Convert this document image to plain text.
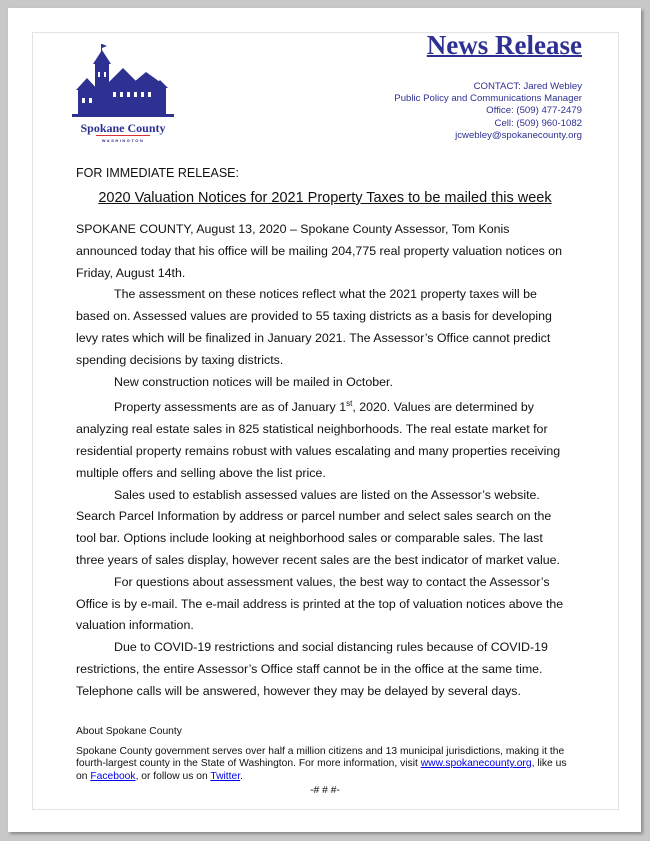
Spokane County
WASHINGTON
News Release
CONTACT: Jared Webley
Public Policy and Communications Manager
Office: (509) 477-2479
Cell: (509) 960-1082
jcwebley@spokanecounty.org
FOR IMMEDIATE RELEASE:
2020 Valuation Notices for 2021 Property Taxes to be mailed this week

SPOKANE COUNTY, August 13, 2020 – Spokane County Assessor, Tom Konis announced today that his office will be mailing 204,775 real property valuation notices on Friday, August 14th.

The assessment on these notices reflect what the 2021 property taxes will be based on. Assessed values are provided to 55 taxing districts as a basis for developing levy rates which will be finalized in January 2021. The Assessor’s Office cannot predict spending decisions by taxing districts.

New construction notices will be mailed in October.

Property assessments are as of January 1st, 2020. Values are determined by analyzing real estate sales in 825 statistical neighborhoods. The real estate market for residential property remains robust with values escalating and many properties receiving multiple offers and selling above the list price.

Sales used to establish assessed values are listed on the Assessor’s website. Search Parcel Information by address or parcel number and select sales search on the tool bar. Options include looking at neighborhood sales or comparable sales. The last three years of sales display, however recent sales are the best indicator of market value.

For questions about assessment values, the best way to contact the Assessor’s Office is by e-mail. The e-mail address is printed at the top of valuation notices above the valuation information.

Due to COVID-19 restrictions and social distancing rules because of COVID-19 restrictions, the entire Assessor’s Office staff cannot be in the office at the same time. Telephone calls will be answered, however they may be delayed by several days.

About Spokane County
Spokane County government serves over half a million citizens and 13 municipal jurisdictions, making it the fourth-largest county in the State of Washington. For more information, visit www.spokanecounty.org, like us on Facebook, or follow us on Twitter.
-# # #-
